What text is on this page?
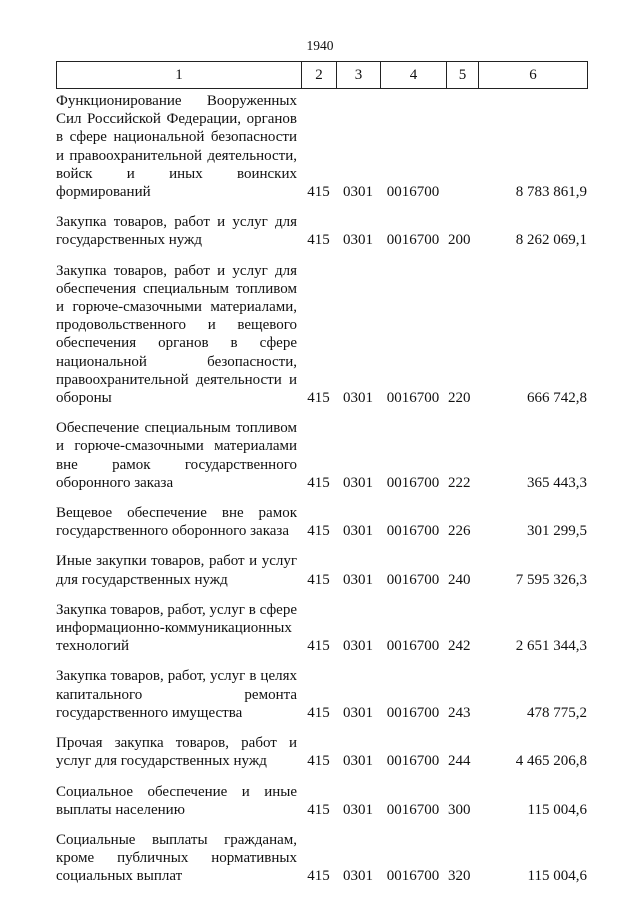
1940
1	2	3	4	5	6
Функционирование Вооруженных Сил Российской Федерации, органов в сфере национальной безопасности и правоохранительной деятельности, войск и иных воинских формирований	415	0301	0016700		8 783 861,9
Закупка товаров, работ и услуг для государственных нужд	415	0301	0016700	200	8 262 069,1
Закупка товаров, работ и услуг для обеспечения специальным топливом и горюче-смазочными материалами, продовольственного и вещевого обеспечения органов в сфере национальной безопасности, правоохранительной деятельности и обороны	415	0301	0016700	220	666 742,8
Обеспечение специальным топливом и горюче-смазочными материалами вне рамок государственного оборонного заказа	415	0301	0016700	222	365 443,3
Вещевое обеспечение вне рамок государственного оборонного заказа	415	0301	0016700	226	301 299,5
Иные закупки товаров, работ и услуг для государственных нужд	415	0301	0016700	240	7 595 326,3
Закупка товаров, работ, услуг в сфере информационно-коммуникационных технологий	415	0301	0016700	242	2 651 344,3
Закупка товаров, работ, услуг в целях капитального ремонта государственного имущества	415	0301	0016700	243	478 775,2
Прочая закупка товаров, работ и услуг для государственных нужд	415	0301	0016700	244	4 465 206,8
Социальное обеспечение и иные выплаты населению	415	0301	0016700	300	115 004,6
Социальные выплаты гражданам, кроме публичных нормативных социальных выплат	415	0301	0016700	320	115 004,6
